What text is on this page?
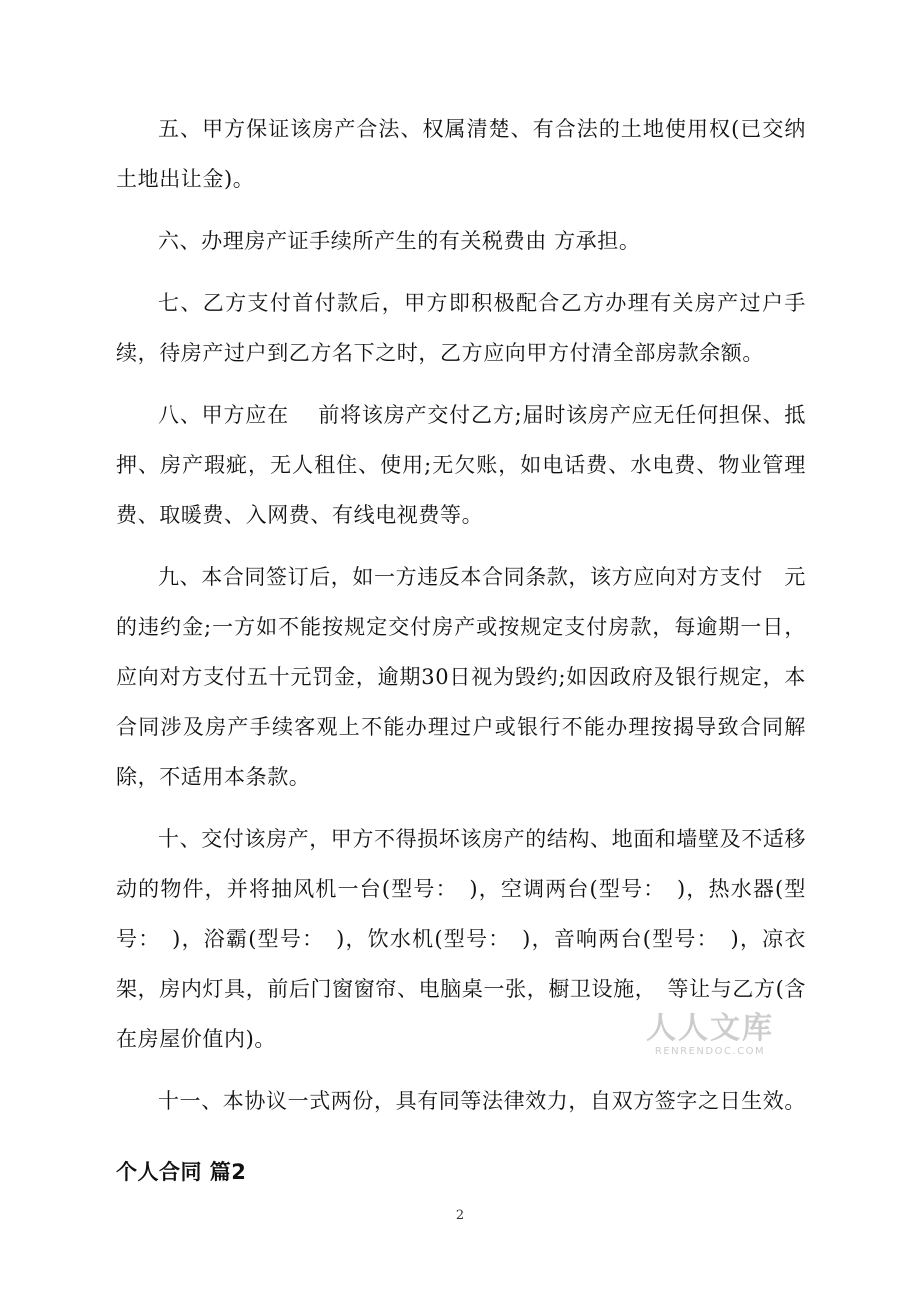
五、甲方保证该房产合法、权属清楚、有合法的土地使用权(已交纳土地出让金)。

六、办理房产证手续所产生的有关税费由 方承担。

七、乙方支付首付款后，甲方即积极配合乙方办理有关房产过户手续，待房产过户到乙方名下之时，乙方应向甲方付清全部房款余额。

八、甲方应在　 前将该房产交付乙方;届时该房产应无任何担保、抵押、房产瑕疵，无人租住、使用;无欠账，如电话费、水电费、物业管理费、取暖费、入网费、有线电视费等。

九、本合同签订后，如一方违反本合同条款，该方应向对方支付　元的违约金;一方如不能按规定交付房产或按规定支付房款，每逾期一日，应向对方支付五十元罚金，逾期30日视为毁约;如因政府及银行规定，本合同涉及房产手续客观上不能办理过户或银行不能办理按揭导致合同解除，不适用本条款。

十、交付该房产，甲方不得损坏该房产的结构、地面和墙壁及不适移动的物件，并将抽风机一台(型号：　)，空调两台(型号：　)，热水器(型号：　)，浴霸(型号：　)，饮水机(型号：　)，音响两台(型号：　)，凉衣架，房内灯具，前后门窗窗帘、电脑桌一张，橱卫设施，　等让与乙方(含在房屋价值内)。

十一、本协议一式两份，具有同等法律效力，自双方签字之日生效。

人人文库
RENRENDOC.COM
个人合同 篇2
2
